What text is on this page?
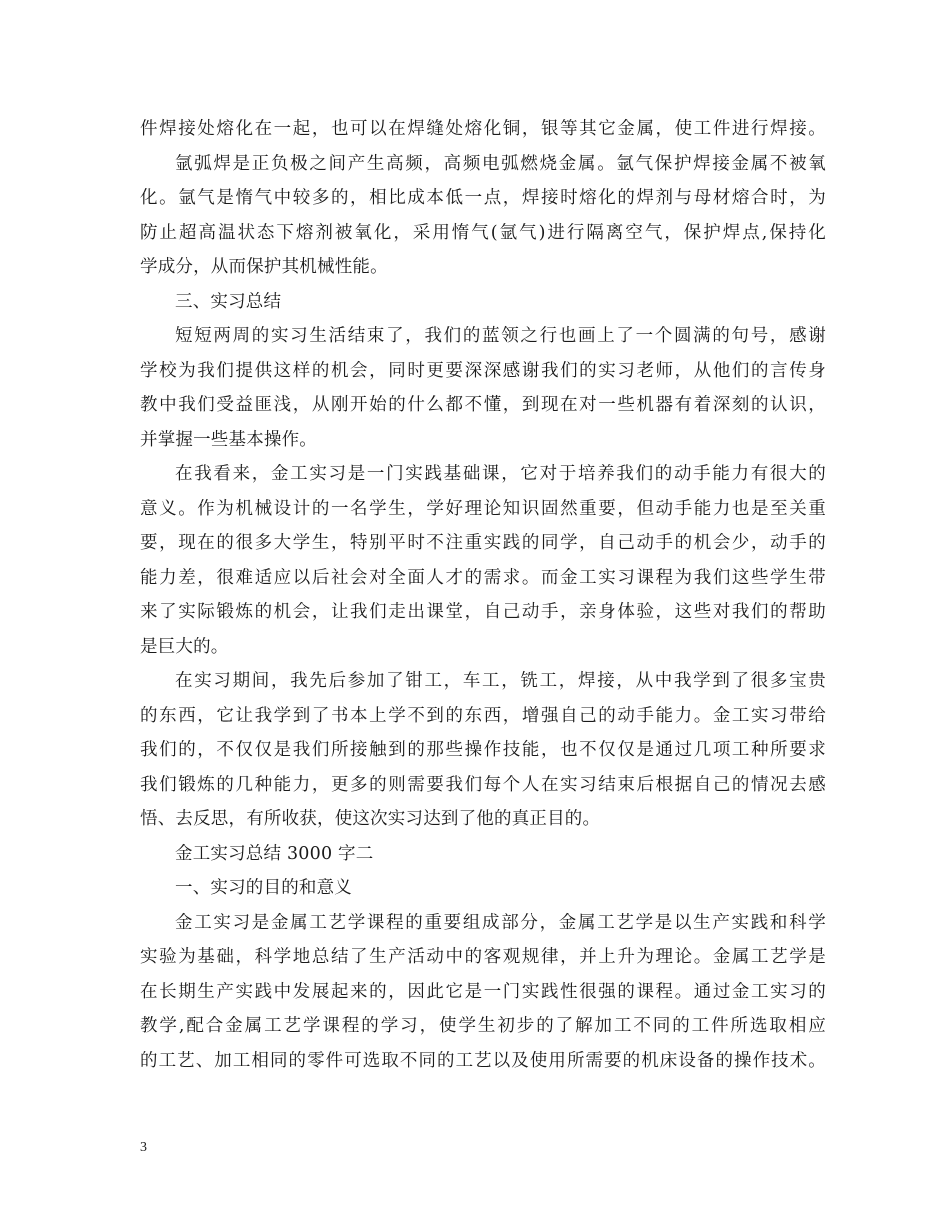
件焊接处熔化在一起，也可以在焊缝处熔化铜，银等其它金属，使工件进行焊接。
氩弧焊是正负极之间产生高频，高频电弧燃烧金属。氩气保护焊接金属不被氧
化。氩气是惰气中较多的，相比成本低一点，焊接时熔化的焊剂与母材熔合时，为
防止超高温状态下熔剂被氧化，采用惰气(氩气)进行隔离空气，保护焊点,保持化
学成分，从而保护其机械性能。
三、实习总结
短短两周的实习生活结束了，我们的蓝领之行也画上了一个圆满的句号，感谢
学校为我们提供这样的机会，同时更要深深感谢我们的实习老师，从他们的言传身
教中我们受益匪浅，从刚开始的什么都不懂，到现在对一些机器有着深刻的认识，
并掌握一些基本操作。
在我看来，金工实习是一门实践基础课，它对于培养我们的动手能力有很大的
意义。作为机械设计的一名学生，学好理论知识固然重要，但动手能力也是至关重
要，现在的很多大学生，特别平时不注重实践的同学，自己动手的机会少，动手的
能力差，很难适应以后社会对全面人才的需求。而金工实习课程为我们这些学生带
来了实际锻炼的机会，让我们走出课堂，自己动手，亲身体验，这些对我们的帮助
是巨大的。
在实习期间，我先后参加了钳工，车工，铣工，焊接，从中我学到了很多宝贵
的东西，它让我学到了书本上学不到的东西，增强自己的动手能力。金工实习带给
我们的，不仅仅是我们所接触到的那些操作技能，也不仅仅是通过几项工种所要求
我们锻炼的几种能力，更多的则需要我们每个人在实习结束后根据自己的情况去感
悟、去反思，有所收获，使这次实习达到了他的真正目的。
金工实习总结 3000 字二
一、实习的目的和意义
金工实习是金属工艺学课程的重要组成部分，金属工艺学是以生产实践和科学
实验为基础，科学地总结了生产活动中的客观规律，并上升为理论。金属工艺学是
在长期生产实践中发展起来的，因此它是一门实践性很强的课程。通过金工实习的
教学,配合金属工艺学课程的学习，使学生初步的了解加工不同的工件所选取相应
的工艺、加工相同的零件可选取不同的工艺以及使用所需要的机床设备的操作技术。
3
